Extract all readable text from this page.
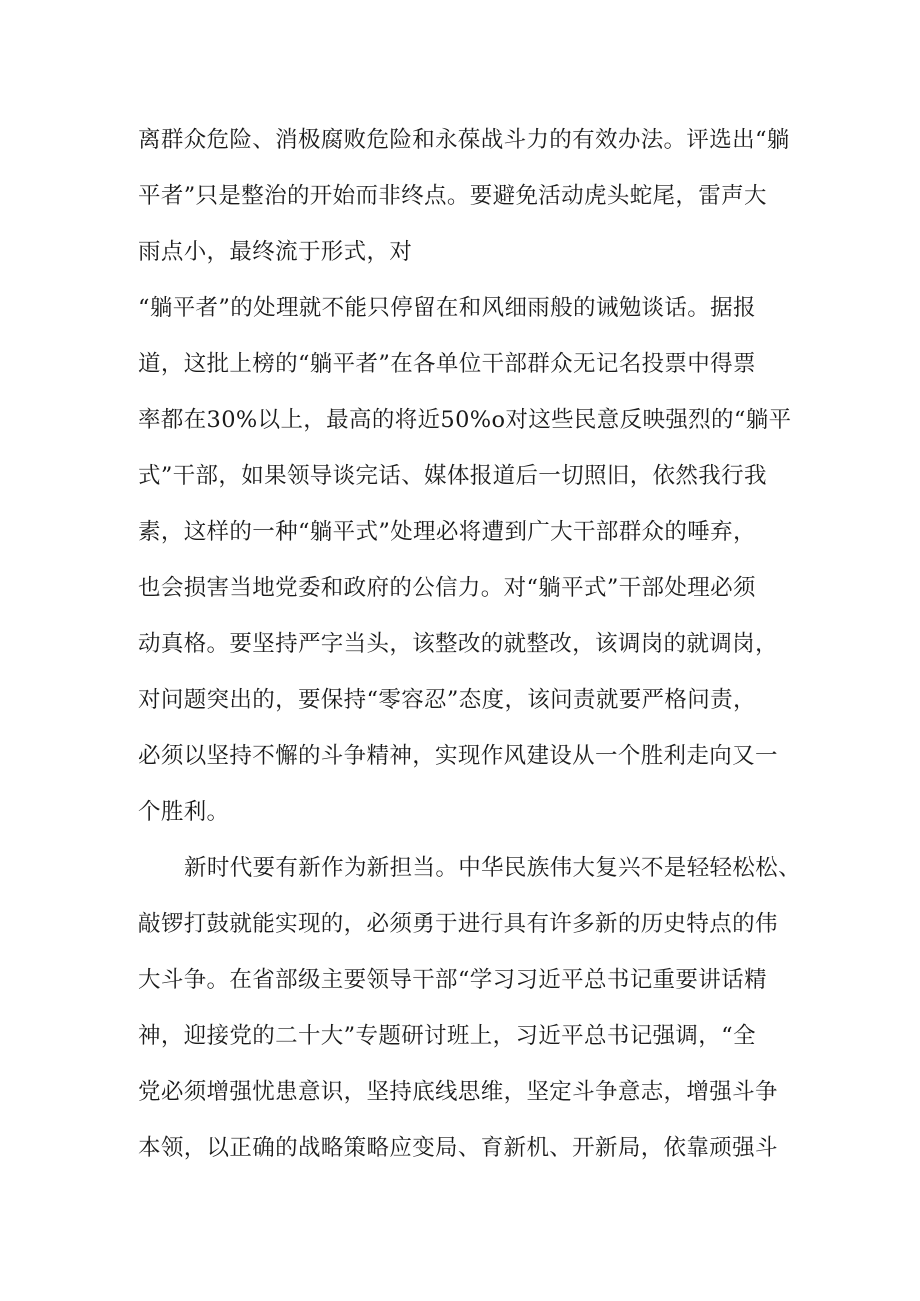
离群众危险、消极腐败危险和永葆战斗力的有效办法。评选出“躺

平者”只是整治的开始而非终点。要避免活动虎头蛇尾，雷声大

雨点小，最终流于形式，对

“躺平者”的处理就不能只停留在和风细雨般的诫勉谈话。据报

道，这批上榜的“躺平者”在各单位干部群众无记名投票中得票

率都在30%以上，最高的将近50%o对这些民意反映强烈的“躺平

式”干部，如果领导谈完话、媒体报道后一切照旧，依然我行我

素，这样的一种“躺平式”处理必将遭到广大干部群众的唾弃，

也会损害当地党委和政府的公信力。对“躺平式”干部处理必须

动真格。要坚持严字当头，该整改的就整改，该调岗的就调岗，

对问题突出的，要保持“零容忍”态度，该问责就要严格问责，

必须以坚持不懈的斗争精神，实现作风建设从一个胜利走向又一

个胜利。

新时代要有新作为新担当。中华民族伟大复兴不是轻轻松松、

敲锣打鼓就能实现的，必须勇于进行具有许多新的历史特点的伟

大斗争。在省部级主要领导干部“学习习近平总书记重要讲话精

神，迎接党的二十大”专题研讨班上，习近平总书记强调，“全

党必须增强忧患意识，坚持底线思维，坚定斗争意志，增强斗争

本领，以正确的战略策略应变局、育新机、开新局，依靠顽强斗
